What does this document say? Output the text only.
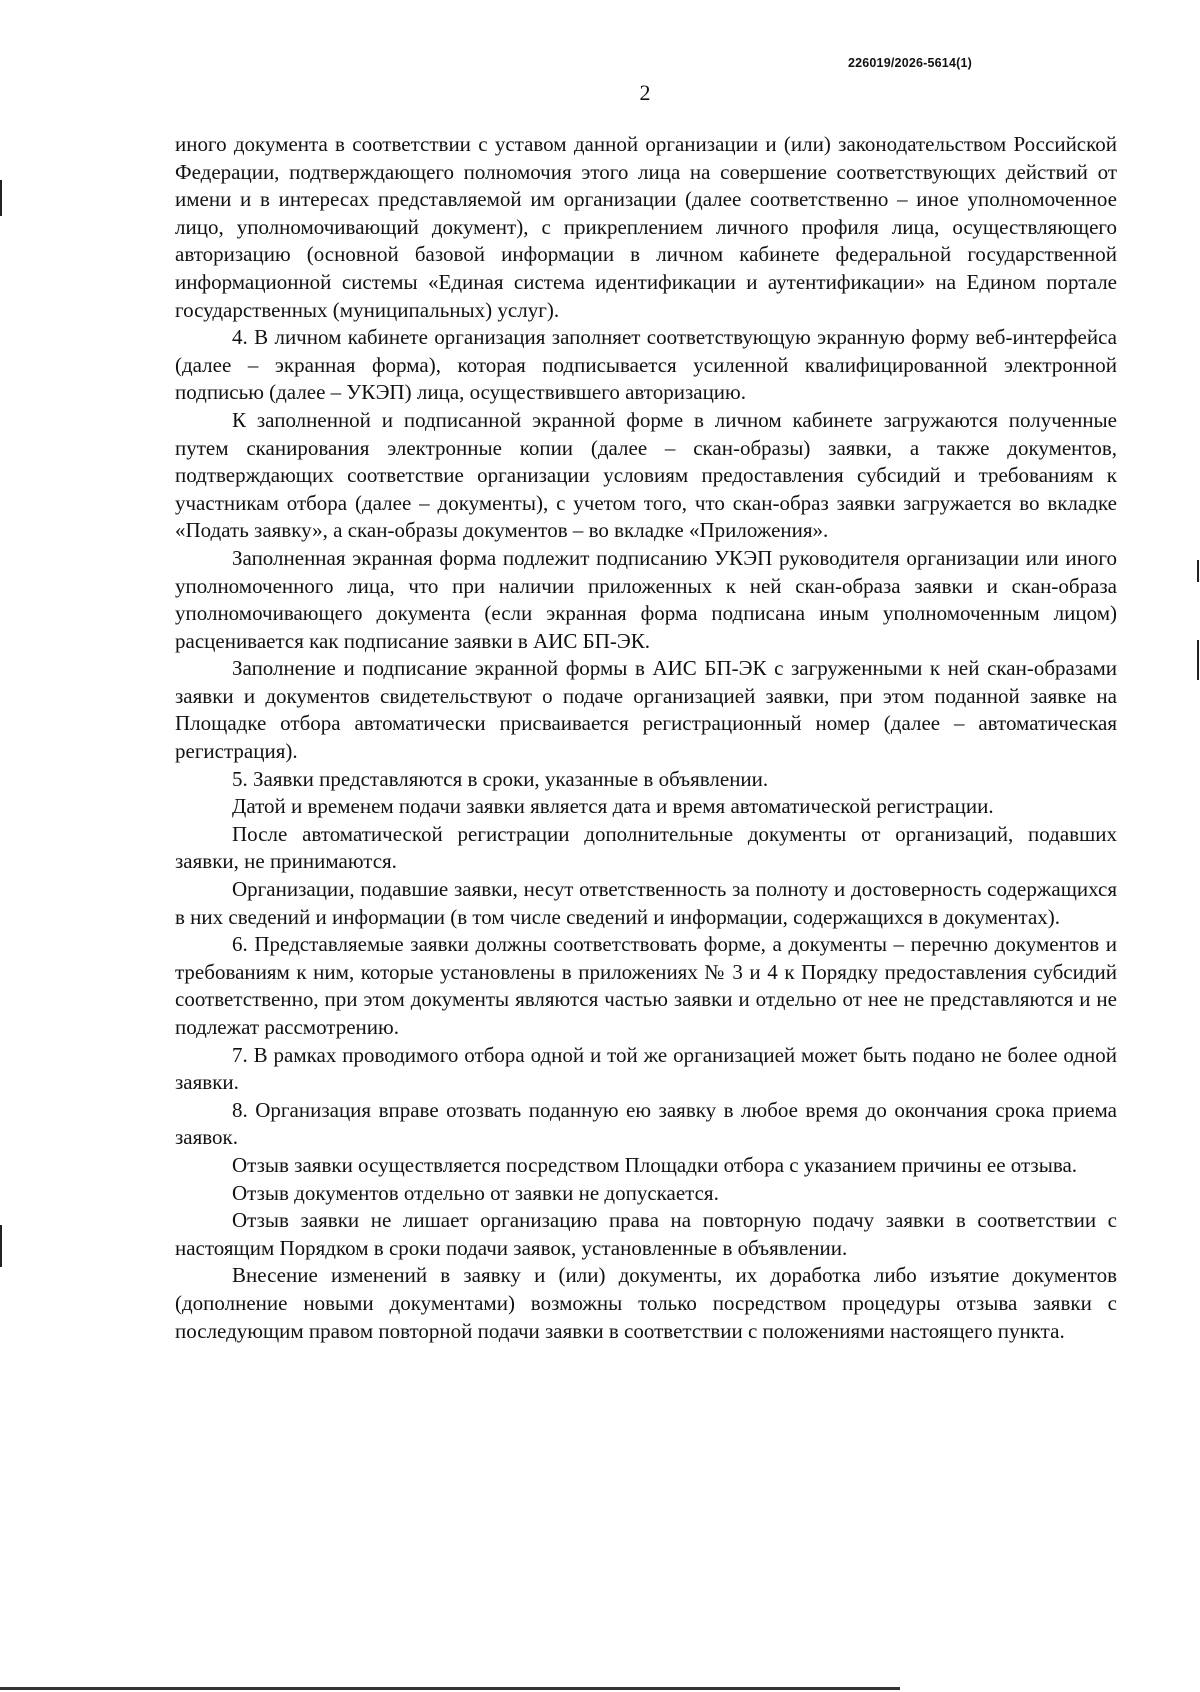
226019/2026-5614(1)
2

иного документа в соответствии с уставом данной организации и (или) законодательством Российской Федерации, подтверждающего полномочия этого лица на совершение соответствующих действий от имени и в интересах представляемой им организации (далее соответственно – иное уполномоченное лицо, уполномочивающий документ), с прикреплением личного профиля лица, осуществляющего авторизацию (основной базовой информации в личном кабинете федеральной государственной информационной системы «Единая система идентификации и аутентификации» на Едином портале государственных (муниципальных) услуг).

4. В личном кабинете организация заполняет соответствующую экранную форму веб-интерфейса (далее – экранная форма), которая подписывается усиленной квалифицированной электронной подписью (далее – УКЭП) лица, осуществившего авторизацию.

К заполненной и подписанной экранной форме в личном кабинете загружаются полученные путем сканирования электронные копии (далее – скан-образы) заявки, а также документов, подтверждающих соответствие организации условиям предоставления субсидий и требованиям к участникам отбора (далее – документы), с учетом того, что скан-образ заявки загружается во вкладке «Подать заявку», а скан-образы документов – во вкладке «Приложения».

Заполненная экранная форма подлежит подписанию УКЭП руководителя организации или иного уполномоченного лица, что при наличии приложенных к ней скан-образа заявки и скан-образа уполномочивающего документа (если экранная форма подписана иным уполномоченным лицом) расценивается как подписание заявки в АИС БП-ЭК.

Заполнение и подписание экранной формы в АИС БП-ЭК с загруженными к ней скан-образами заявки и документов свидетельствуют о подаче организацией заявки, при этом поданной заявке на Площадке отбора автоматически присваивается регистрационный номер (далее – автоматическая регистрация).

5. Заявки представляются в сроки, указанные в объявлении.

Датой и временем подачи заявки является дата и время автоматической регистрации.

После автоматической регистрации дополнительные документы от организаций, подавших заявки, не принимаются.

Организации, подавшие заявки, несут ответственность за полноту и достоверность содержащихся в них сведений и информации (в том числе сведений и информации, содержащихся в документах).

6. Представляемые заявки должны соответствовать форме, а документы – перечню документов и требованиям к ним, которые установлены в приложениях № 3 и 4 к Порядку предоставления субсидий соответственно, при этом документы являются частью заявки и отдельно от нее не представляются и не подлежат рассмотрению.

7. В рамках проводимого отбора одной и той же организацией может быть подано не более одной заявки.

8. Организация вправе отозвать поданную ею заявку в любое время до окончания срока приема заявок.

Отзыв заявки осуществляется посредством Площадки отбора с указанием причины ее отзыва.

Отзыв документов отдельно от заявки не допускается.

Отзыв заявки не лишает организацию права на повторную подачу заявки в соответствии с настоящим Порядком в сроки подачи заявок, установленные в объявлении.

Внесение изменений в заявку и (или) документы, их доработка либо изъятие документов (дополнение новыми документами) возможны только посредством процедуры отзыва заявки с последующим правом повторной подачи заявки в соответствии с положениями настоящего пункта.
